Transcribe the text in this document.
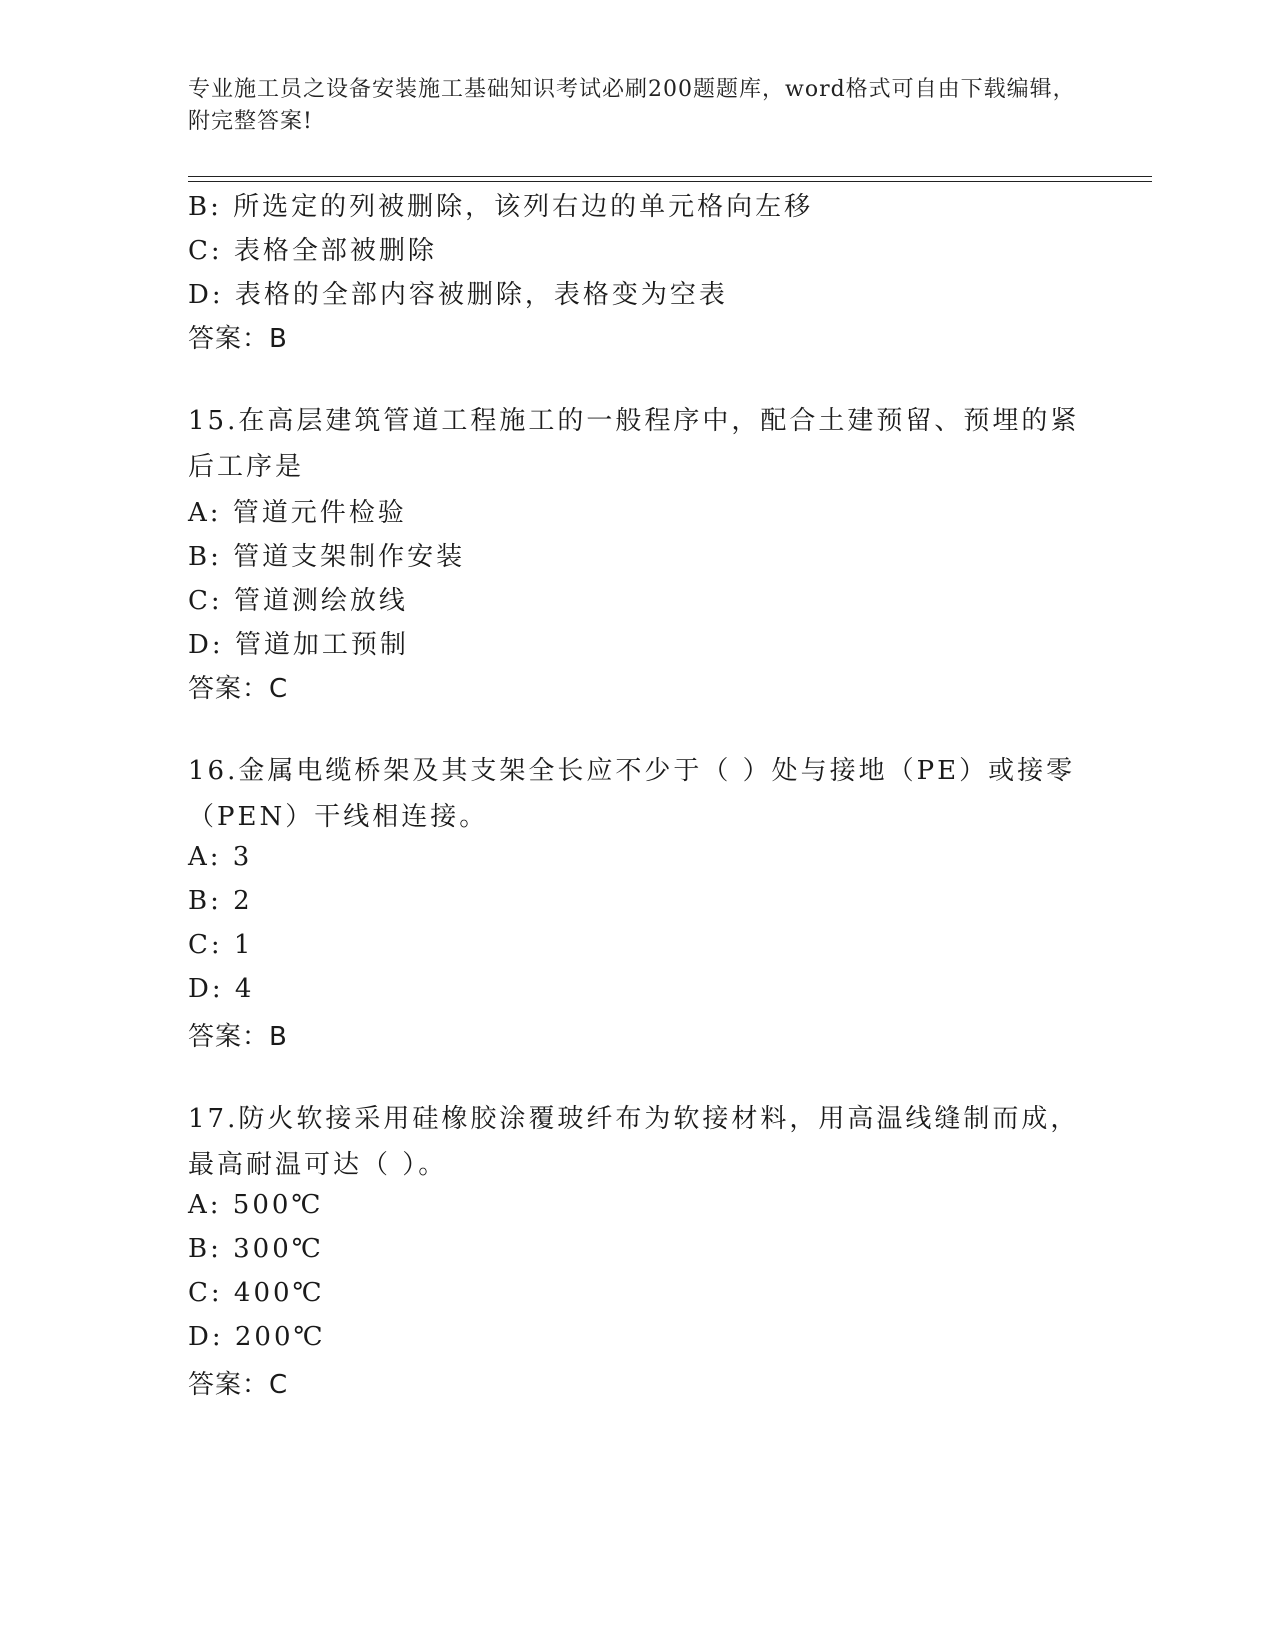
专业施工员之设备安装施工基础知识考试必刷200题题库，word格式可自由下载编辑，附完整答案!
B: 所选定的列被删除，该列右边的单元格向左移
C: 表格全部被删除
D: 表格的全部内容被删除，表格变为空表
答案：B
15.在高层建筑管道工程施工的一般程序中，配合土建预留、预埋的紧后工序是
A: 管道元件检验
B: 管道支架制作安装
C: 管道测绘放线
D: 管道加工预制
答案：C
16.金属电缆桥架及其支架全长应不少于（ ）处与接地（PE）或接零（PEN）干线相连接。
A: 3
B: 2
C: 1
D: 4
答案：B
17.防火软接采用硅橡胶涂覆玻纤布为软接材料，用高温线缝制而成，最高耐温可达（ ）。
A: 500℃
B: 300℃
C: 400℃
D: 200℃
答案：C
